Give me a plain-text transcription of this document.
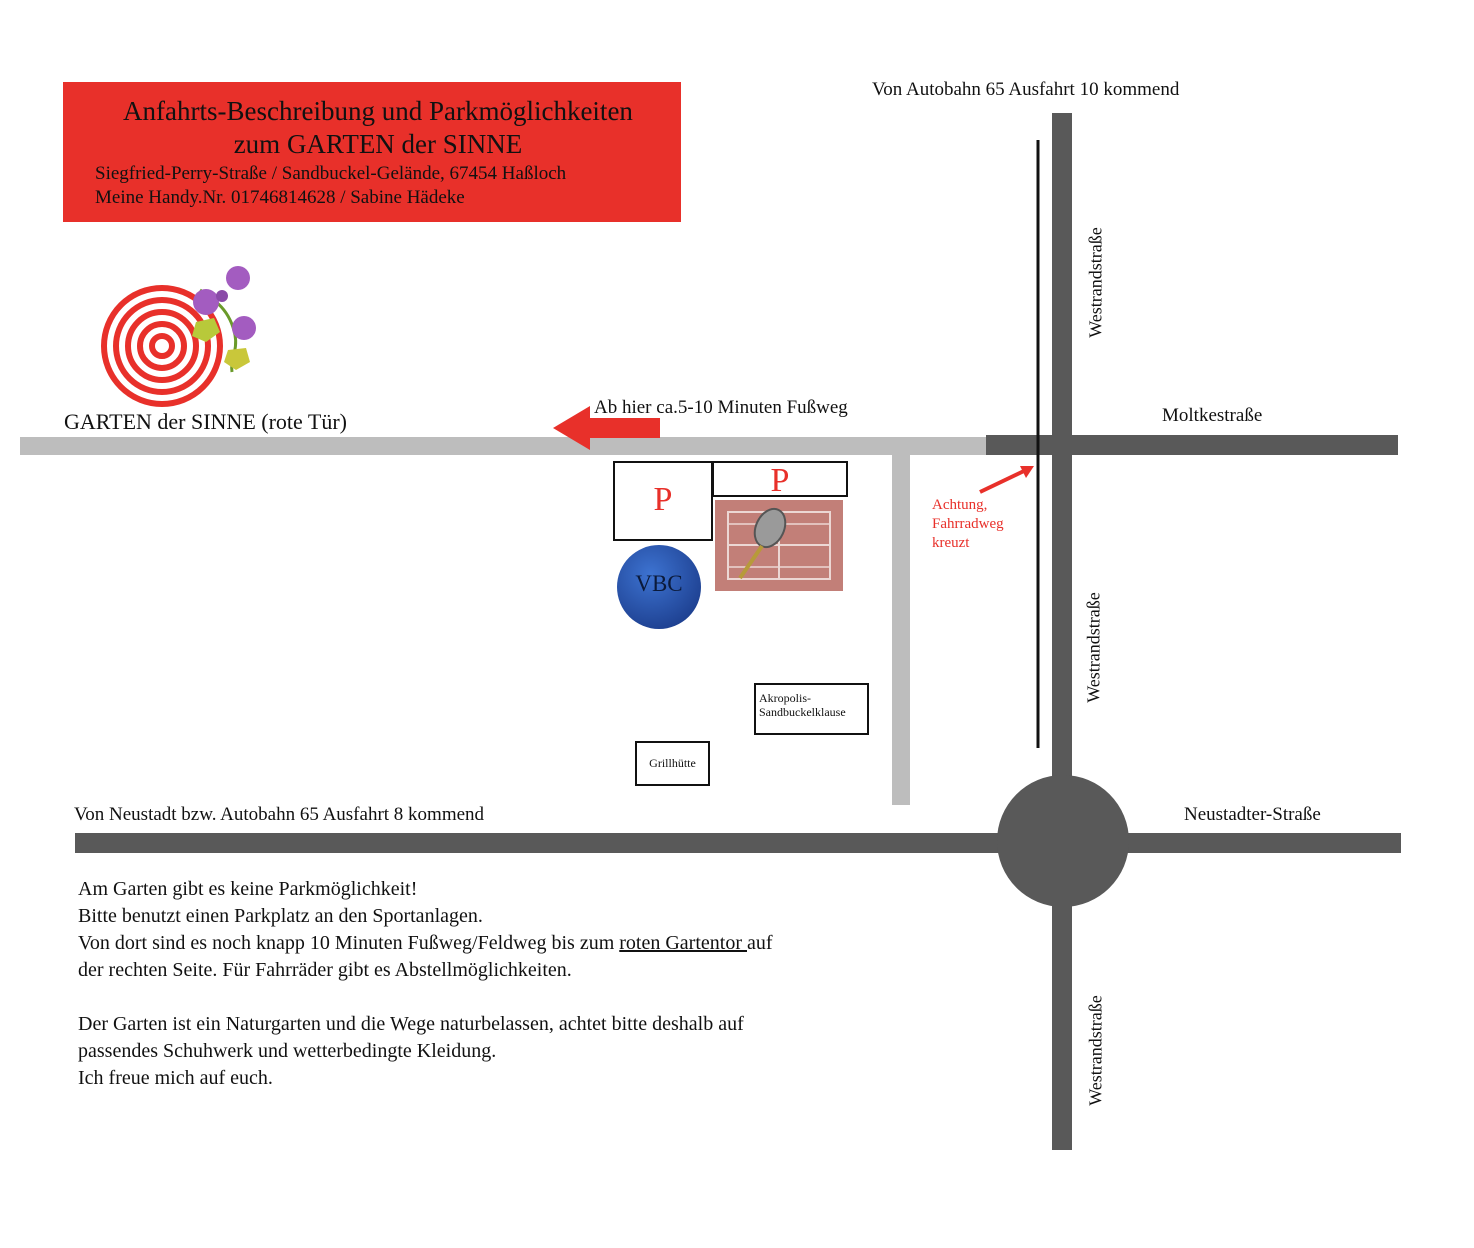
Anfahrts-Beschreibung und Parkmöglichkeiten
zum GARTEN der SINNE
Siegfried-Perry-Straße / Sandbuckel-Gelände, 67454 Haßloch
Meine Handy.Nr. 01746814628 / Sabine Hädeke
Von Autobahn 65 Ausfahrt 10 kommend
GARTEN der SINNE (rote Tür)
Ab hier ca.5-10 Minuten Fußweg	Moltkestraße
Neustadter-Straße
Von Neustadt bzw. Autobahn 65 Ausfahrt 8 kommend
Westrandstraße
Westrandstraße
Westrandstraße
Achtung,
Fahrradweg
kreuzt
P
P
VBC
Akropolis-
Sandbuckelklause
Grillhütte

Am Garten gibt es keine Parkmöglichkeit!

Bitte benutzt einen Parkplatz an den Sportanlagen.

Von dort sind es noch knapp 10 Minuten Fußweg/Feldweg bis zum roten Gartentor auf

der rechten Seite. Für Fahrräder gibt es Abstellmöglichkeiten.

Der Garten ist ein Naturgarten und die Wege naturbelassen, achtet bitte deshalb auf

passendes Schuhwerk und wetterbedingte Kleidung.

Ich freue mich auf euch.
